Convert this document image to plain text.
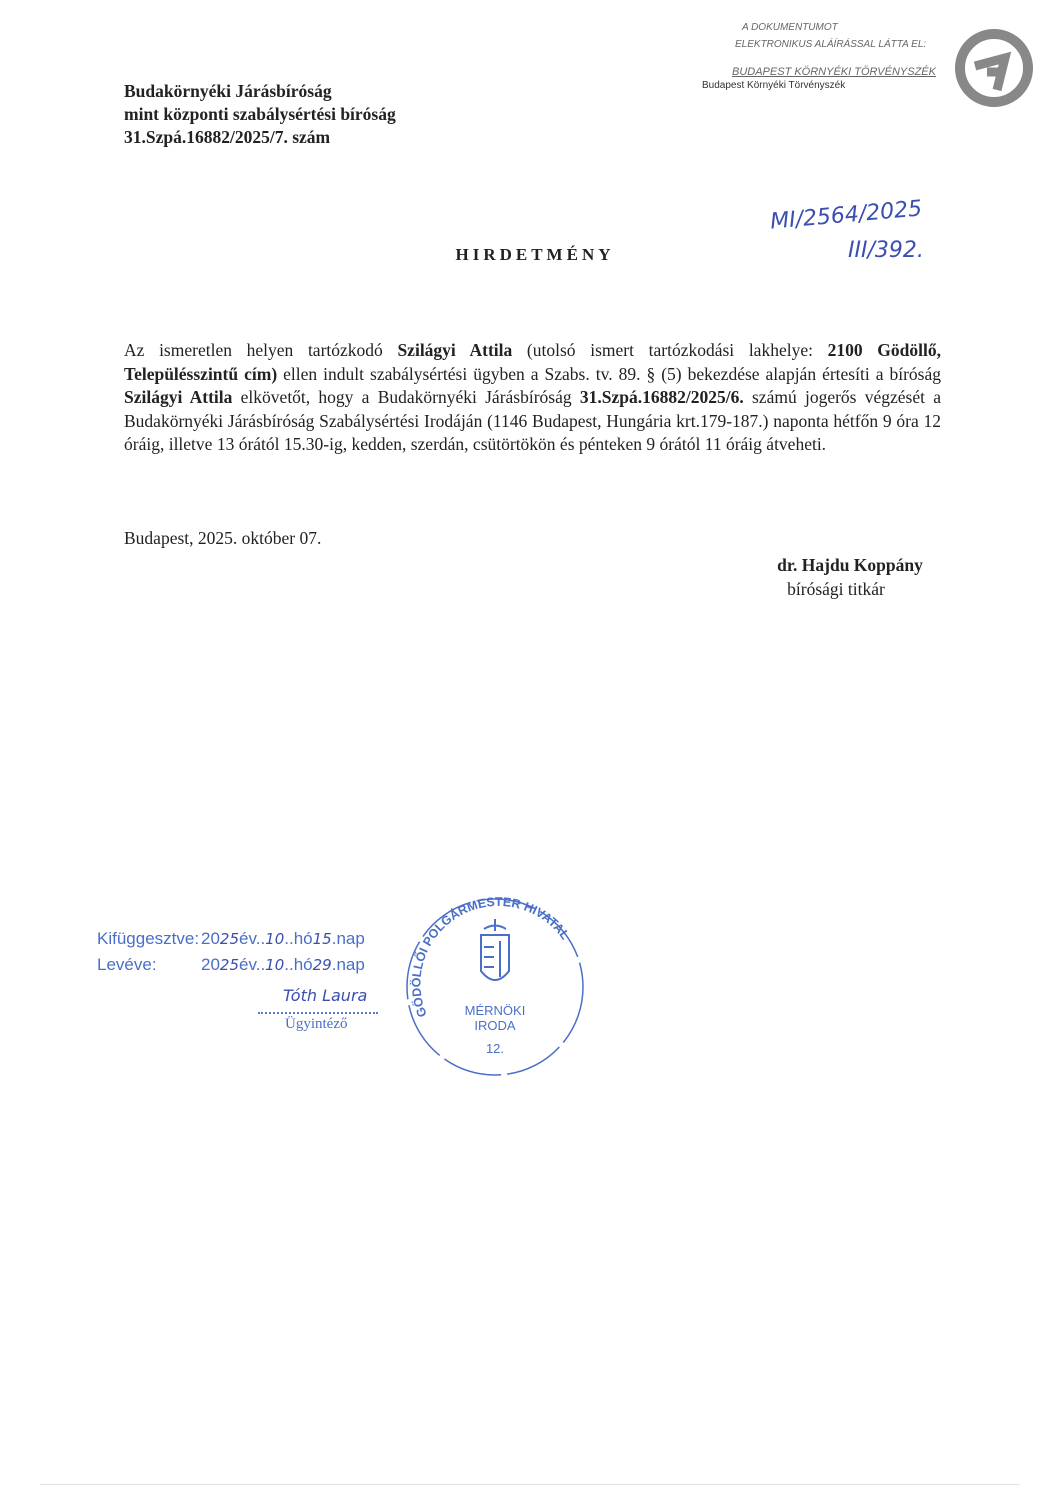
Budakörnyéki Járásbíróság
mint központi szabálysértési bíróság
31.Szpá.16882/2025/7. szám
A DOKUMENTUMOT
ELEKTRONIKUS ALÁÍRÁSSAL LÁTTA EL:
BUDAPEST KÖRNYÉKI TÖRVÉNYSZÉK
Budapest Környéki Törvényszék
MI/2564/2025
III/392.
HIRDETMÉNY
Az ismeretlen helyen tartózkodó Szilágyi Attila (utolsó ismert tartózkodási lakhelye: 2100 Gödöllő, Településszintű cím) ellen indult szabálysértési ügyben a Szabs. tv. 89. § (5) bekezdése alapján értesíti a bíróság Szilágyi Attila elkövetőt, hogy a Budakörnyéki Járásbíróság 31.Szpá.16882/2025/6. számú jogerős végzését a Budakörnyéki Járásbíróság Szabálysértési Irodáján (1146 Budapest, Hungária krt.179-187.) naponta hétfőn 9 óra 12 óráig, illetve 13 órától 15.30-ig, kedden, szerdán, csütörtökön és pénteken 9 órától 11 óráig átveheti.
Budapest, 2025. október 07.
dr. Hajdu Koppány
bírósági titkár
Kifüggesztve: 2025év..10..hó15.nap
Levéve:	2025év..10..hó29.nap
Tóth Laura
Ügyintéző
GÖDÖLLŐI POLGÁRMESTER HIVATAL
MÉRNÖKI
IRODA
12.
